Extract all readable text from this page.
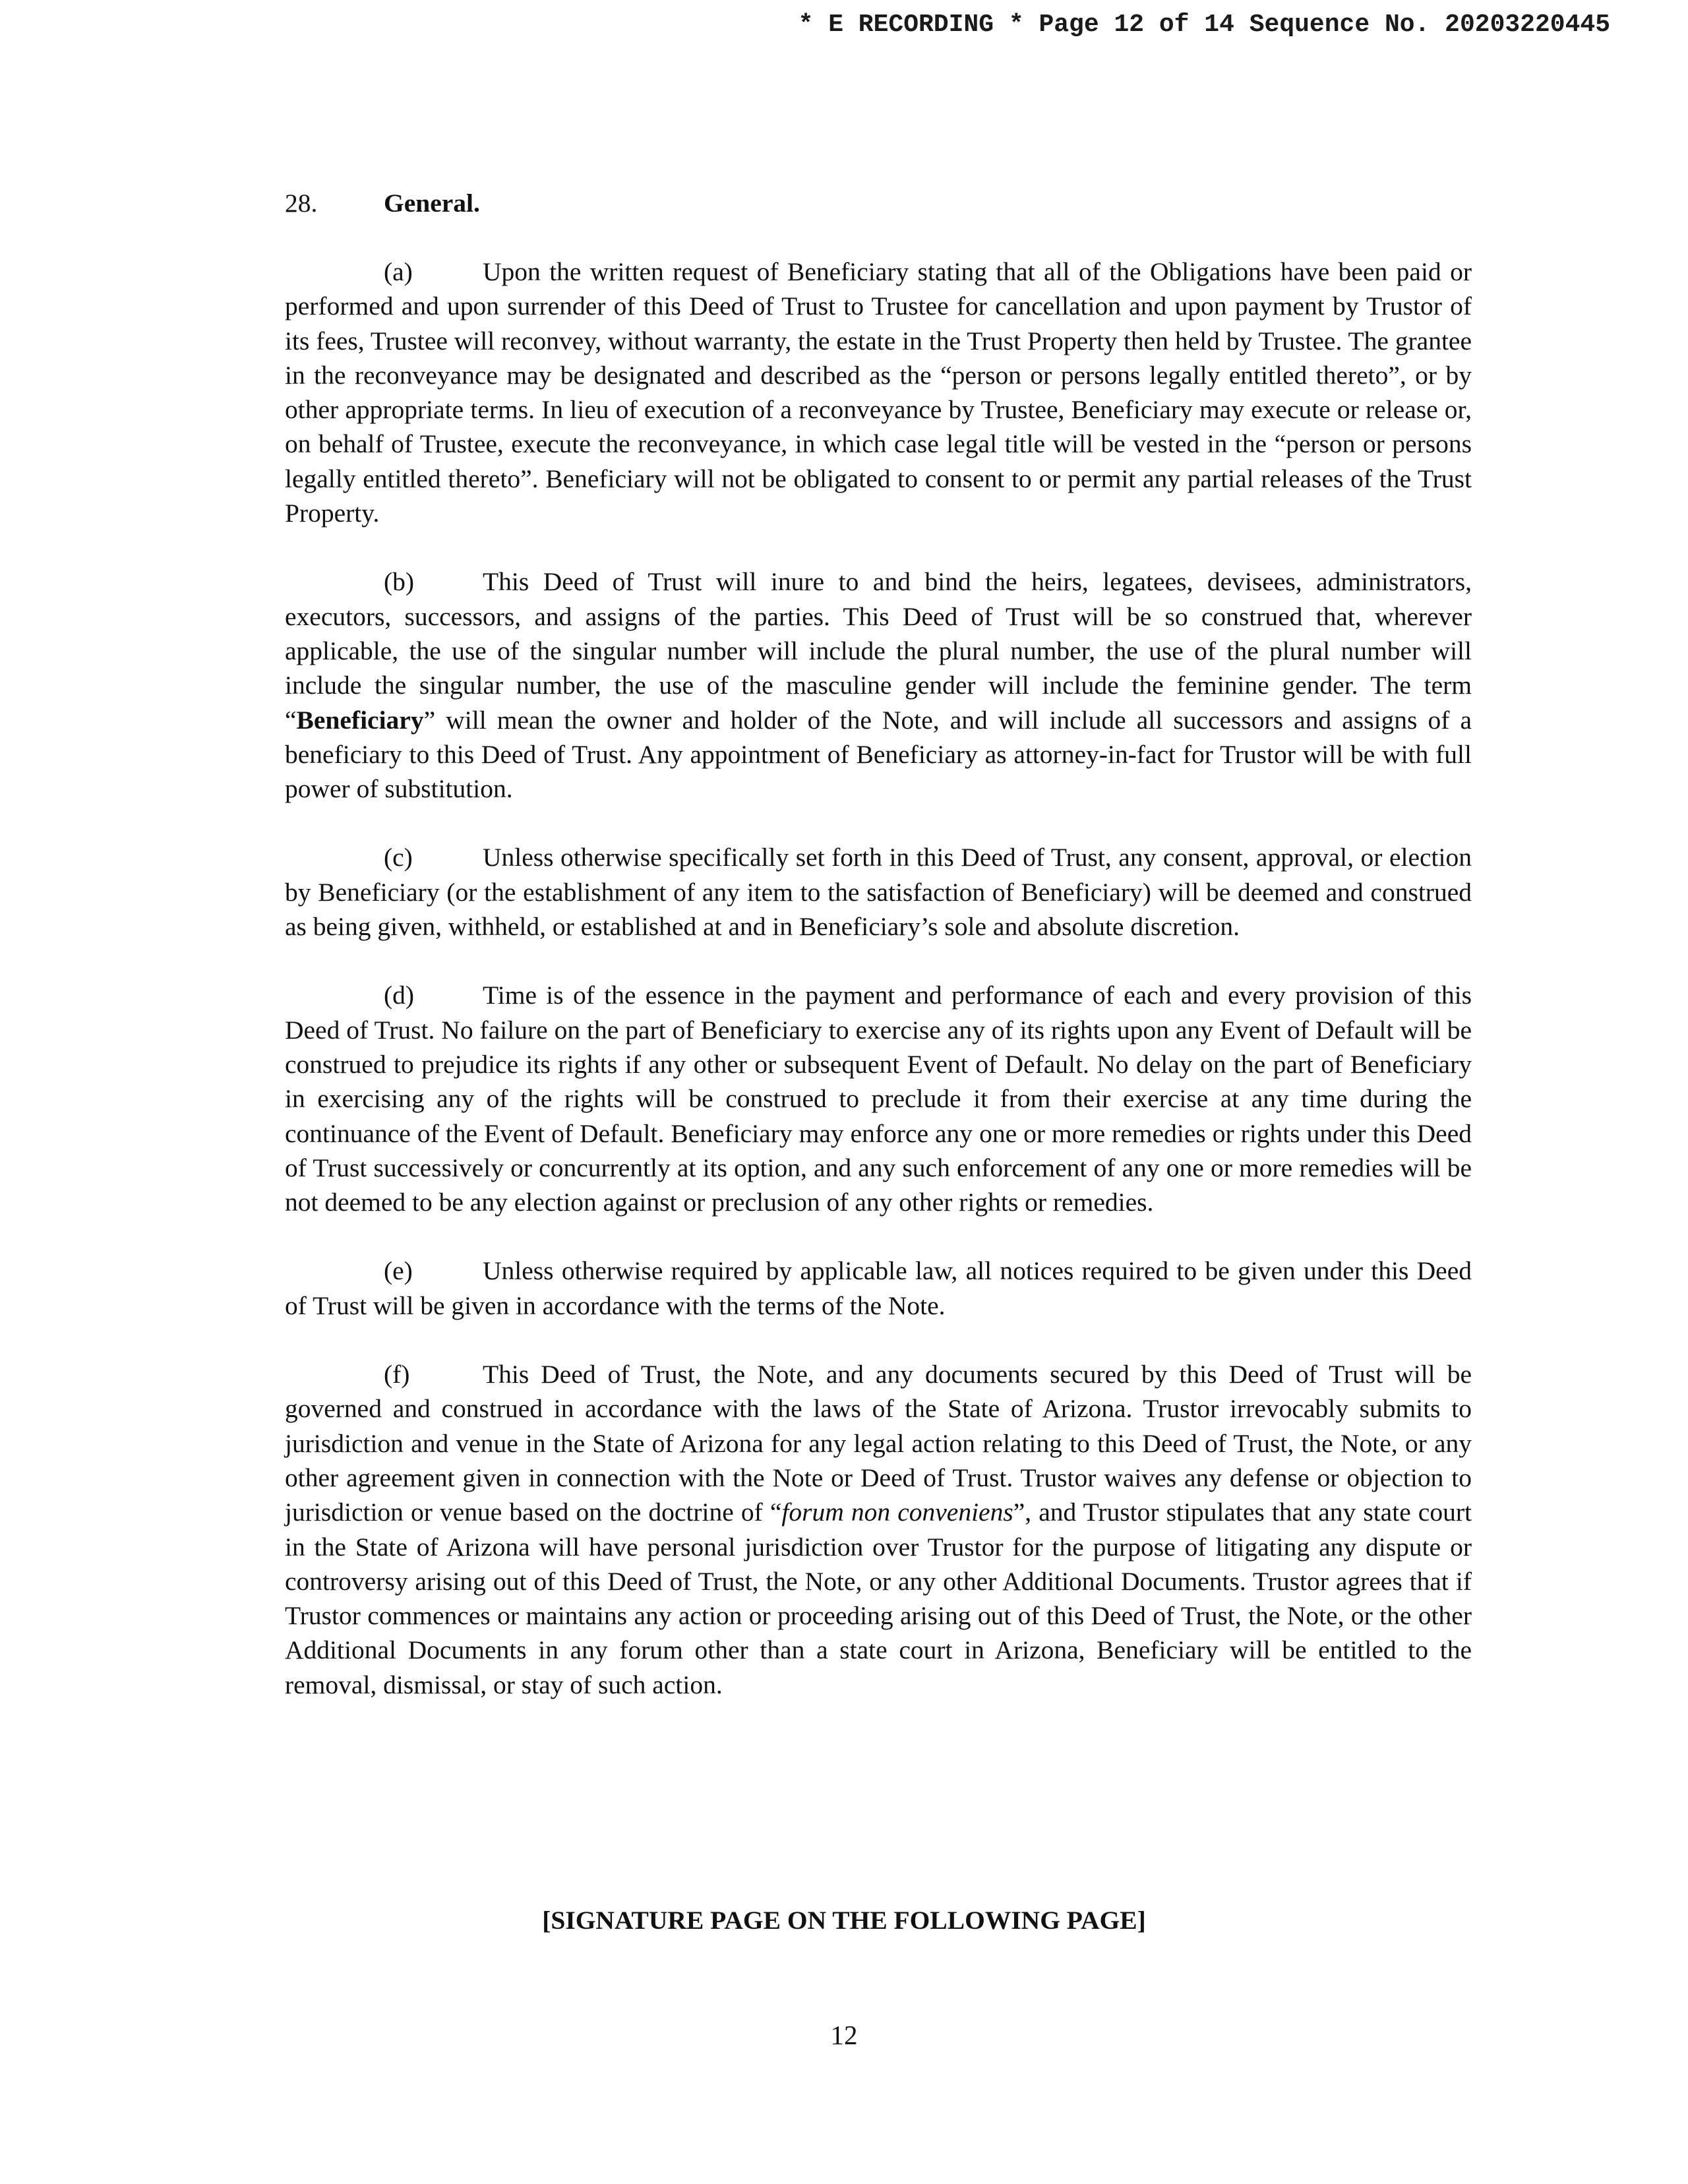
* E RECORDING * Page 12 of 14 Sequence No. 20203220445
28.	General.

(a)	Upon the written request of Beneficiary stating that all of the Obligations have been paid or performed and upon surrender of this Deed of Trust to Trustee for cancellation and upon payment by Trustor of its fees, Trustee will reconvey, without warranty, the estate in the Trust Property then held by Trustee. The grantee in the reconveyance may be designated and described as the “person or persons legally entitled thereto”, or by other appropriate terms. In lieu of execution of a reconveyance by Trustee, Beneficiary may execute or release or, on behalf of Trustee, execute the reconveyance, in which case legal title will be vested in the “person or persons legally entitled thereto”. Beneficiary will not be obligated to consent to or permit any partial releases of the Trust Property.

(b)	This Deed of Trust will inure to and bind the heirs, legatees, devisees, administrators, executors, successors, and assigns of the parties. This Deed of Trust will be so construed that, wherever applicable, the use of the singular number will include the plural number, the use of the plural number will include the singular number, the use of the masculine gender will include the feminine gender. The term “Beneficiary” will mean the owner and holder of the Note, and will include all successors and assigns of a beneficiary to this Deed of Trust. Any appointment of Beneficiary as attorney-in-fact for Trustor will be with full power of substitution.

(c)	Unless otherwise specifically set forth in this Deed of Trust, any consent, approval, or election by Beneficiary (or the establishment of any item to the satisfaction of Beneficiary) will be deemed and construed as being given, withheld, or established at and in Beneficiary’s sole and absolute discretion.

(d)	Time is of the essence in the payment and performance of each and every provision of this Deed of Trust. No failure on the part of Beneficiary to exercise any of its rights upon any Event of Default will be construed to prejudice its rights if any other or subsequent Event of Default. No delay on the part of Beneficiary in exercising any of the rights will be construed to preclude it from their exercise at any time during the continuance of the Event of Default. Beneficiary may enforce any one or more remedies or rights under this Deed of Trust successively or concurrently at its option, and any such enforcement of any one or more remedies will be not deemed to be any election against or preclusion of any other rights or remedies.

(e)	Unless otherwise required by applicable law, all notices required to be given under this Deed of Trust will be given in accordance with the terms of the Note.

(f)	This Deed of Trust, the Note, and any documents secured by this Deed of Trust will be governed and construed in accordance with the laws of the State of Arizona. Trustor irrevocably submits to jurisdiction and venue in the State of Arizona for any legal action relating to this Deed of Trust, the Note, or any other agreement given in connection with the Note or Deed of Trust. Trustor waives any defense or objection to jurisdiction or venue based on the doctrine of “forum non conveniens”, and Trustor stipulates that any state court in the State of Arizona will have personal jurisdiction over Trustor for the purpose of litigating any dispute or controversy arising out of this Deed of Trust, the Note, or any other Additional Documents. Trustor agrees that if Trustor commences or maintains any action or proceeding arising out of this Deed of Trust, the Note, or the other Additional Documents in any forum other than a state court in Arizona, Beneficiary will be entitled to the removal, dismissal, or stay of such action.

[SIGNATURE PAGE ON THE FOLLOWING PAGE]
12
